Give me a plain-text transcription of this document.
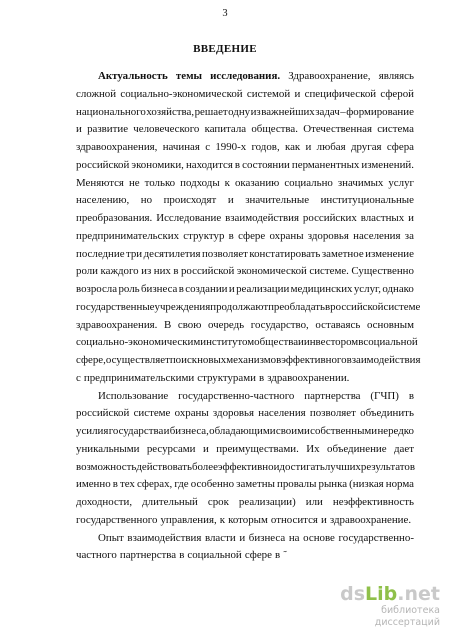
3
ВВЕДЕНИЕ
Актуальность темы исследования. Здравоохранение, являясь
сложной социально-экономической системой и специфической сферой
национального хозяйства, решает одну из важнейших задач – формирование
и развитие человеческого капитала общества. Отечественная система
здравоохранения, начиная с 1990-х годов, как и любая другая сфера
российской экономики, находится в состоянии перманентных изменений.
Меняются не только подходы к оказанию социально значимых услуг
населению, но происходят и значительные институциональные
преобразования. Исследование взаимодействия российских властных и
предпринимательских структур в сфере охраны здоровья населения за
последние три десятилетия позволяет констатировать заметное изменение
роли каждого из них в российской экономической системе. Существенно
возросла роль бизнеса в создании и реализации медицинских услуг, однако
государственные учреждения продолжают преобладать в российской системе
здравоохранения. В свою очередь государство, оставаясь основным
социально-экономическим институтом общества и инвестором в социальной
сфере, осуществляет поиск новых механизмов эффективного взаимодействия
с предпринимательскими структурами в здравоохранении.
Использование государственно-частного партнерства (ГЧП) в
российской системе охраны здоровья населения позволяет объединить
усилия государства и бизнеса, обладающими своими собственными нередко
уникальными ресурсами и преимуществами. Их объединение дает
возможность действовать более эффективно и достигать лучших результатов
именно в тех сферах, где особенно заметны провалы рынка (низкая норма
доходности, длительный срок реализации) или неэффективность
государственного управления, к которым относится и здравоохранение.
Опыт взаимодействия власти и бизнеса на основе государственно-
частного партнерства в социальной сфере в ˜
dsLib.net
библиотека диссертаций
